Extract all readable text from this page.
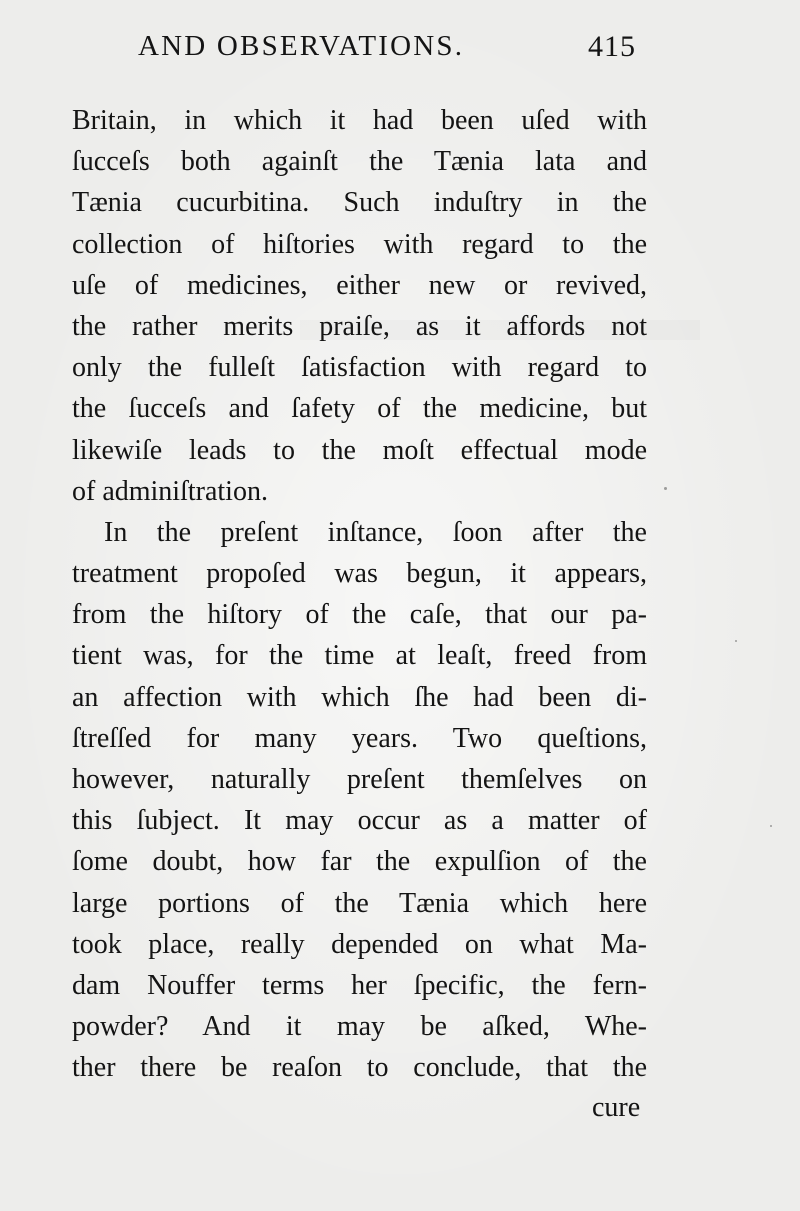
AND OBSERVATIONS.	415
Britain, in which it had been uſed with
ſucceſs both againſt the Tænia lata and
Tænia cucurbitina. Such induſtry in the
collection of hiſtories with regard to the
uſe of medicines, either new or revived,
the rather merits praiſe, as it affords not
only the fulleſt ſatisfaction with regard to
the ſucceſs and ſafety of the medicine, but
likewiſe leads to the moſt effectual mode
of adminiſtration.
In the preſent inſtance, ſoon after the
treatment propoſed was begun, it appears,
from the hiſtory of the caſe, that our pa-
tient was, for the time at leaſt, freed from
an affection with which ſhe had been di-
ſtreſſed for many years. Two queſtions,
however, naturally preſent themſelves on
this ſubject. It may occur as a matter of
ſome doubt, how far the expulſion of the
large portions of the Tænia which here
took place, really depended on what Ma-
dam Nouffer terms her ſpecific, the fern-
powder? And it may be aſked, Whe-
ther there be reaſon to conclude, that the
cure
